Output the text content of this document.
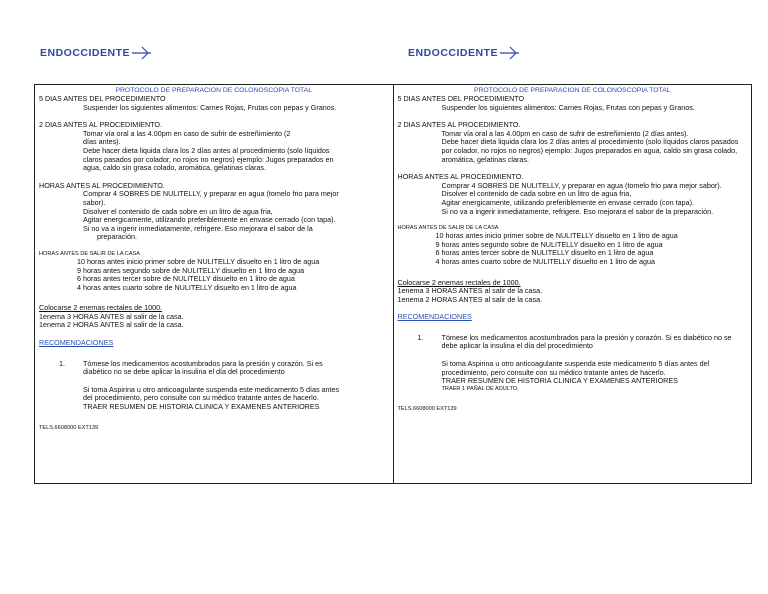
ENDOCCIDENTE	ENDOCCIDENTE
PROTOCOLO DE PREPARACION DE COLONOSCOPIA TOTAL
5 DIAS ANTES DEL PROCEDIMIENTO
Suspender los siguientes alimentos: Carnes Rojas, Frutas con pepas y Granos.
2 DIAS ANTES AL PROCEDIMIENTO.
Tomar vía oral a las 4.00pm en caso de sufrir de estreñimiento (2
días antes).
Debe hacer dieta liquida clara los 2 días antes al procedimiento (solo líquidos
claros pasados por colador, no rojos no negros) ejemplo: Jugos preparados en
agua, caldo sin grasa colado, aromática, gelatinas claras.
HORAS ANTES AL PROCEDIMIENTO.
Comprar 4 SOBRES DE NULITELLY, y preparar en agua (tomelo frio para mejor
sabor).
Disolver el contenido de cada sobre en un litro de agua fria,
Agitar energicamente, utilizando preferiblemente en envase cerrado (con tapa).
Si no va a ingerir inmediatamente, refrigere. Eso mejorara el sabor de la
preparación.
HORAS ANTES DE SALIR DE LA CASA
10 horas antes inicio primer sobre de NULITELLY disuelto en 1 litro de agua
9 horas antes segundo sobre de NULITELLY disuelto en 1 litro de agua
6 horas antes tercer sobre de NULITELLY disuelto en 1 litro de agua
4 horas antes cuarto sobre de NULITELLY disuelto en 1 litro de agua
Colocarse 2 enemas rectales de 1000.
1enema 3 HORAS ANTES al salir de la casa.
1enema 2 HORAS ANTES al salir de la casa.
RECOMENDACIONES
1.	Tómese los medicamentos acostumbrados para la presión y corazón. Si es
diabético no se debe aplicar la insulina el día del procedimiento
Si toma Aspirina u otro anticoagulante suspenda este medicamento 5 días antes
del procedimiento, pero consulte con su médico tratante antes de hacerlo.
TRAER RESUMEN DE HISTORIA CLINICA Y EXAMENES ANTERIORES
TELS.6608000 EXT139
PROTOCOLO DE PREPARACION DE COLONOSCOPIA TOTAL
5 DIAS ANTES DEL PROCEDIMIENTO
Suspender los siguientes alimentos: Carnes Rojas, Frutas con pepas y Granos.
2 DIAS ANTES AL PROCEDIMIENTO.
Tomar vía oral a las 4.00pm en caso de sufrir de estreñimiento (2 días antes).
Debe hacer dieta liquida clara los 2 días antes al procedimiento (solo líquidos claros pasados
por colador, no rojos no negros) ejemplo: Jugos preparados en agua, caldo sin grasa colado,
aromática, gelatinas claras.
HORAS ANTES AL PROCEDIMIENTO.
Comprar 4 SOBRES DE NULITELLY, y preparar en agua (tomelo frio para mejor sabor).
Disolver el contenido de cada sobre en un litro de agua fria,
Agitar energicamente, utilizando preferiblemente en envase cerrado (con tapa).
Si no va a ingerir inmediatamente, refrigere. Eso mejorara el sabor de la preparación.
HORAS ANTES DE SALIR DE LA CASA
10 horas antes inicio primer sobre de NULITELLY disuelto en 1 litro de agua
9 horas antes segundo sobre de NULITELLY disuelto en 1 litro de agua
6 horas antes tercer sobre de NULITELLY disuelto en 1 litro de agua
4 horas antes cuarto sobre de NULITELLY disuelto en 1 litro de agua
Colocarse 2 enemas rectales de 1000.
1enema 3 HORAS ANTES al salir de la casa.
1enema 2 HORAS ANTES al salir de la casa.
RECOMENDACIONES
1.	Tómese los medicamentos acostumbrados para la presión y corazón. Si es diabético no se
debe aplicar la insulina el día del procedimiento
Si toma Aspirina u otro anticoagulante suspenda este medicamento 5 días antes del
procedimiento, pero consulte con su médico tratante antes de hacerlo.
TRAER RESUMEN DE HISTORIA CLINICA Y EXAMENES ANTERIORES
TRAER 1 PAÑAL DE ADULTO,
TELS.6608000 EXT139
